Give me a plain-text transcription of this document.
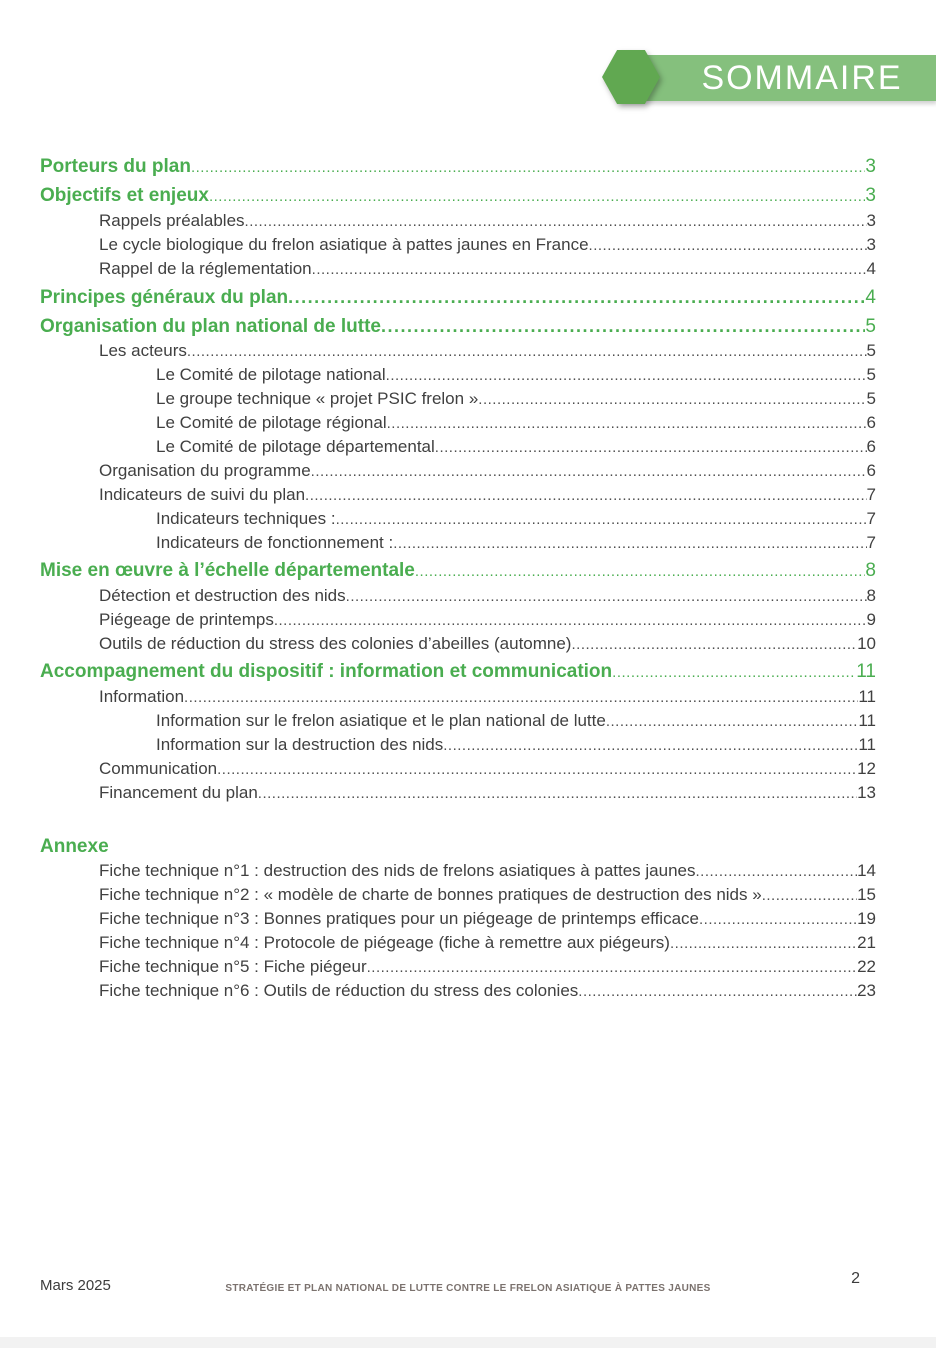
SOMMAIRE
Porteurs du plan .....	3
Objectifs et enjeux .....	3
Rappels préalables .....	3
Le cycle biologique du frelon asiatique à pattes jaunes en France .....	3
Rappel de la réglementation .....	4
Principes généraux du plan .....	4
Organisation du plan national de lutte .....	5
Les acteurs .....	5
Le Comité de pilotage national .....	5
Le groupe technique « projet PSIC frelon » .....	5
Le Comité de pilotage régional .....	6
Le Comité de pilotage départemental .....	6
Organisation du programme .....	6
Indicateurs de suivi du plan .....	7
Indicateurs techniques : .....	7
Indicateurs de fonctionnement : .....	7
Mise en œuvre à l’échelle départementale .....	8
Détection et destruction des nids .....	8
Piégeage de printemps .....	9
Outils de réduction du stress des colonies d’abeilles (automne) .....	10
Accompagnement du dispositif : information et communication .....	11
Information .....	11
Information sur le frelon asiatique et le plan national de lutte .....	11
Information sur la destruction des nids .....	11
Communication .....	12
Financement du plan .....	13
Annexe
Fiche technique n°1 : destruction des nids de frelons asiatiques à pattes jaunes .....	14
Fiche technique n°2 : « modèle de charte de bonnes pratiques de destruction des nids » .....	15
Fiche technique n°3 : Bonnes pratiques pour un piégeage de printemps efficace .....	19
Fiche technique n°4 : Protocole de piégeage (fiche à remettre aux piégeurs) .....	21
Fiche technique n°5 : Fiche piégeur .....	22
Fiche technique n°6 : Outils de réduction du stress des colonies .....	23
Mars 2025	STRATÉGIE ET PLAN NATIONAL DE LUTTE CONTRE LE FRELON ASIATIQUE À PATTES JAUNES
2
